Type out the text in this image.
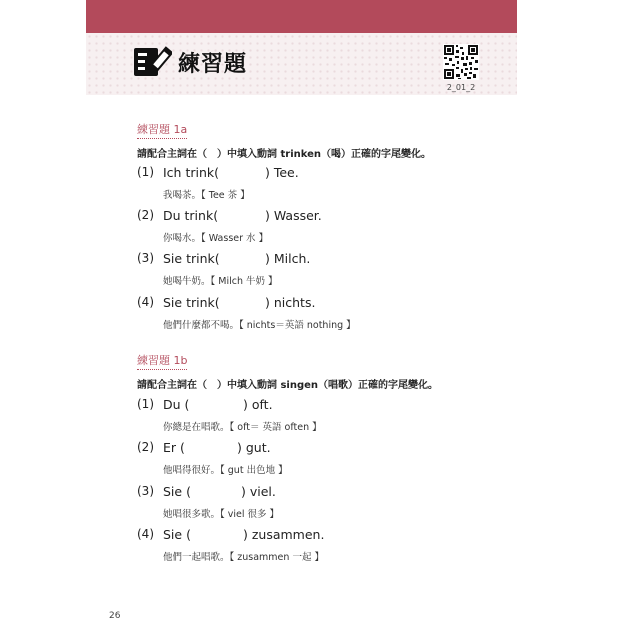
練習題
2_01_2
練習題 1a
請配合主詞在（　）中填入動詞 trinken（喝）正確的字尾變化。
(1) Ich trink(	) Tee.
我喝茶。【 Tee 茶 】
(2) Du trink(	) Wasser.
你喝水。【 Wasser 水 】
(3) Sie trink(	) Milch.
她喝牛奶。【 Milch 牛奶 】
(4) Sie trink(	) nichts.
他們什麼都不喝。【 nichts＝英語 nothing 】
練習題 1b
請配合主詞在（　）中填入動詞 singen（唱歌）正確的字尾變化。
(1) Du (	) oft.
你總是在唱歌。【 oft＝ 英語 often 】
(2) Er (	) gut.
他唱得很好。【 gut 出色地 】
(3) Sie (	) viel.
她唱很多歌。【 viel 很多 】
(4) Sie (	) zusammen.
他們一起唱歌。【 zusammen 一起 】
26
